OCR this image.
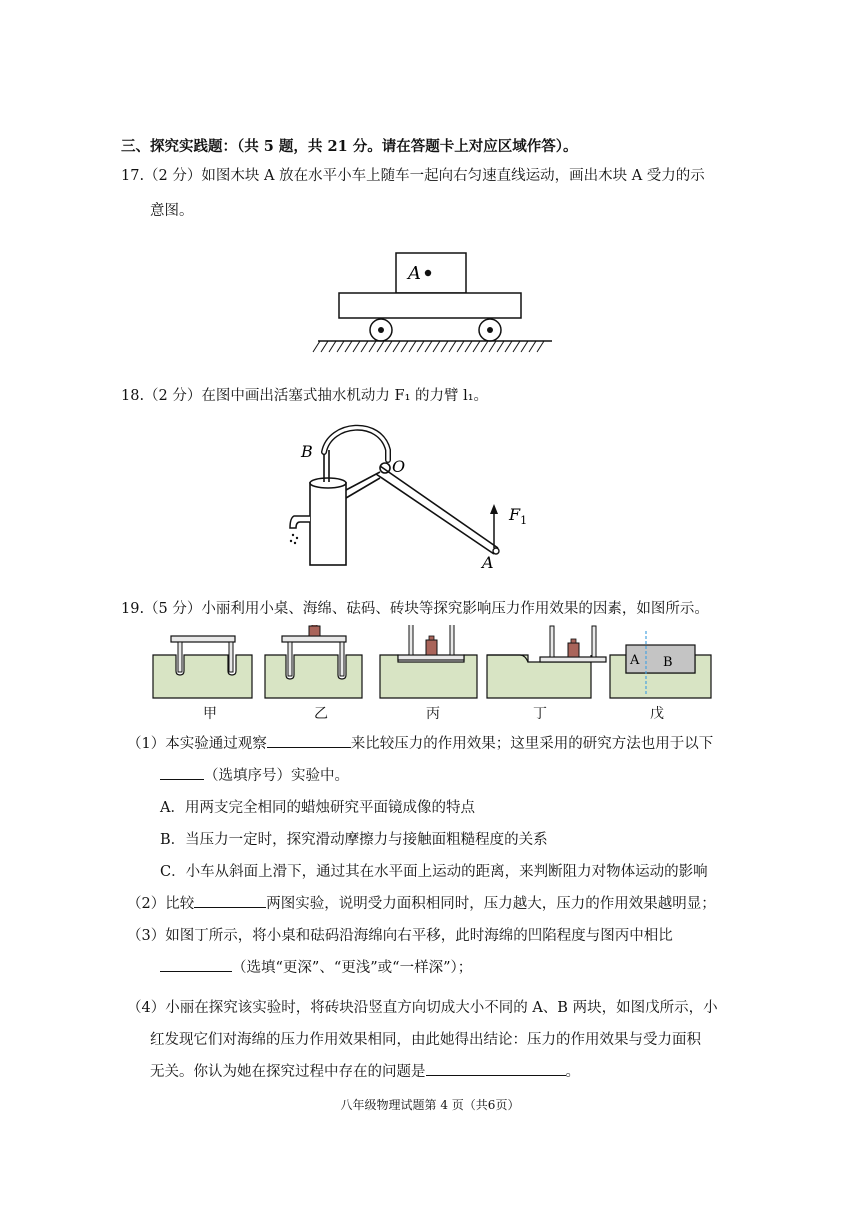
三、探究实践题：（共 5 题，共 21 分。请在答题卡上对应区域作答）。
17.（2 分）如图木块 A 放在水平小车上随车一起向右匀速直线运动，画出木块 A 受力的示
意图。
A
18.（2 分）在图中画出活塞式抽水机动力 F₁ 的力臂 l₁。
B
O
$F_1$
A
19.（5 分）小丽利用小桌、海绵、砝码、砖块等探究影响压力作用效果的因素，如图所示。
A B
甲	乙	丙	丁	戊
（1）本实验通过观察	来比较压力的作用效果；这里采用的研究方法也用于以下
（选填序号）实验中。
A．用两支完全相同的蜡烛研究平面镜成像的特点
B．当压力一定时，探究滑动摩擦力与接触面粗糙程度的关系
C．小车从斜面上滑下，通过其在水平面上运动的距离，来判断阻力对物体运动的影响
（2）比较	两图实验，说明受力面积相同时，压力越大，压力的作用效果越明显；
（3）如图丁所示，将小桌和砝码沿海绵向右平移，此时海绵的凹陷程度与图丙中相比
（选填“更深”、“更浅”或“一样深”）；
（4）小丽在探究该实验时，将砖块沿竖直方向切成大小不同的 A、B 两块，如图戊所示，小
红发现它们对海绵的压力作用效果相同，由此她得出结论：压力的作用效果与受力面积
无关。你认为她在探究过程中存在的问题是	。
八年级物理试题第 4 页（共6页）
